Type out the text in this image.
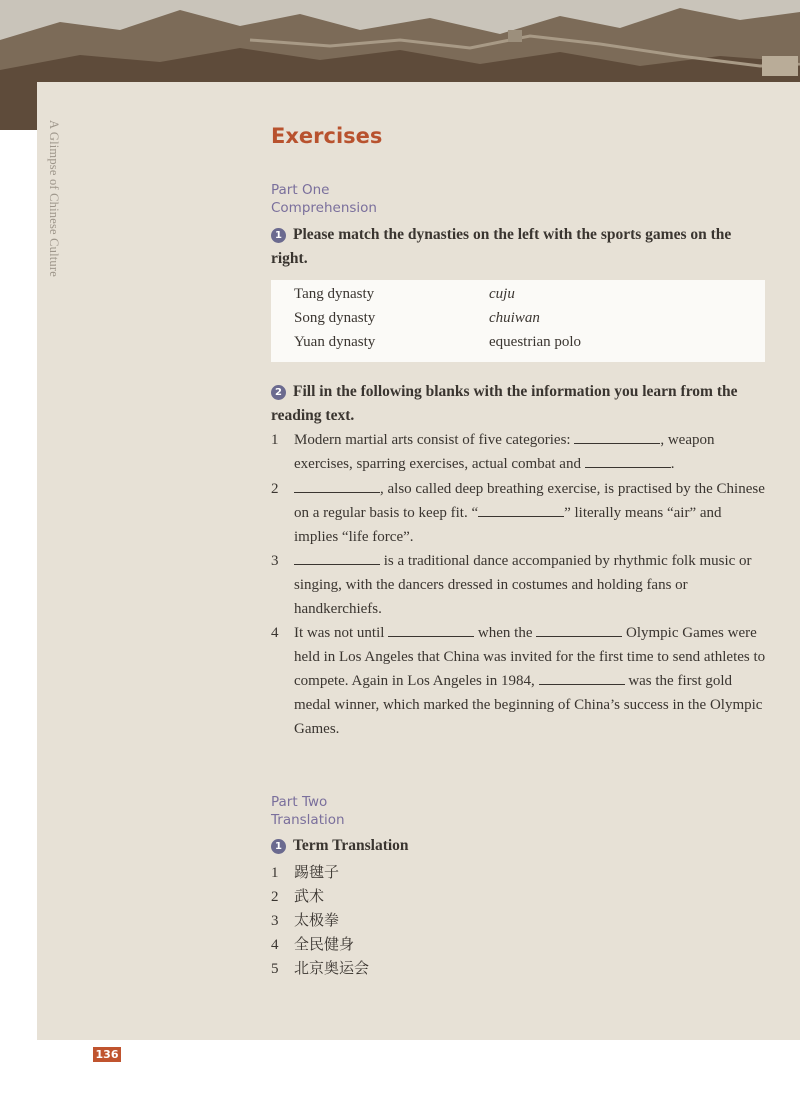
A Glimpse of Chinese Culture	Exercises
Part One
Comprehension
1 Please match the dynasties on the left with the sports games on the right.
Tang dynasty	cuju
Song dynasty	chuiwan
Yuan dynasty	equestrian polo
2 Fill in the following blanks with the information you learn from the reading text.
1 Modern martial arts consist of five categories:	, weapon exercises, sparring exercises, actual combat and	.
2	, also called deep breathing exercise, is practised by the Chinese on a regular basis to keep fit. “	” literally means “air” and implies “life force”.
3	is a traditional dance accompanied by rhythmic folk music or singing, with the dancers dressed in costumes and holding fans or handkerchiefs.
4 It was not until	when the	Olympic Games were held in Los Angeles that China was invited for the first time to send athletes to compete. Again in Los Angeles in 1984,	was the first gold medal winner, which marked the beginning of China’s success in the Olympic Games.
Part Two
Translation
1 Term Translation
1 踢毽子
2 武术
3 太极拳
4 全民健身
5 北京奥运会
136
